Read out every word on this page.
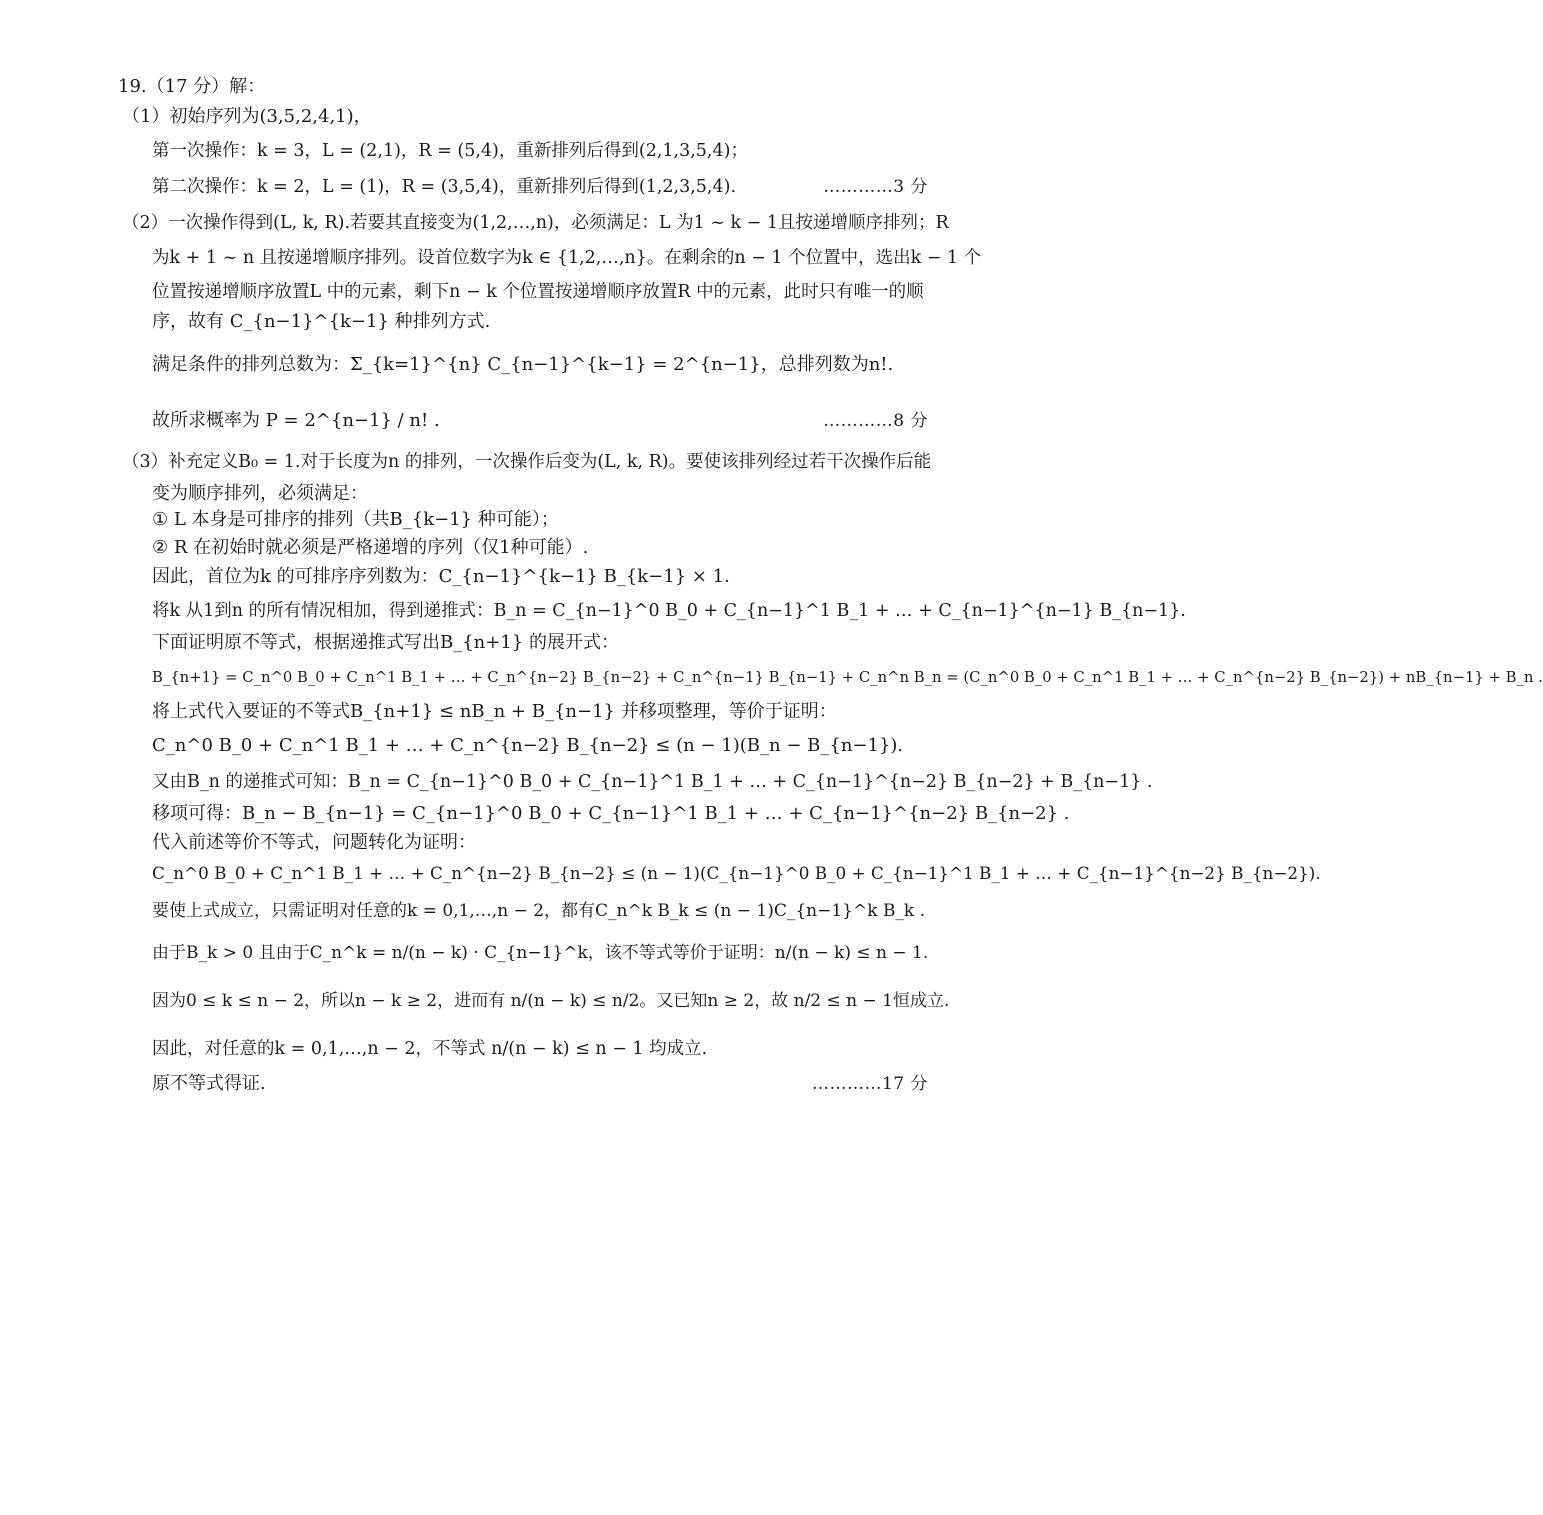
19.（17 分）解：
（1）初始序列为(3,5,2,4,1)，
第一次操作：k = 3，L = (2,1)，R = (5,4)，重新排列后得到(2,1,3,5,4)；
第二次操作：k = 2，L = (1)，R = (3,5,4)，重新排列后得到(1,2,3,5,4).	…………3 分
（2）一次操作得到(L, k, R).若要其直接变为(1,2,…,n)，必须满足：L 为1 ~ k − 1且按递增顺序排列；R
为k + 1 ~ n 且按递增顺序排列。设首位数字为k ∈ {1,2,…,n}。在剩余的n − 1 个位置中，选出k − 1 个
位置按递增顺序放置L 中的元素，剩下n − k 个位置按递增顺序放置R 中的元素，此时只有唯一的顺
序，故有 C_{n−1}^{k−1} 种排列方式.
满足条件的排列总数为：Σ_{k=1}^{n} C_{n−1}^{k−1} = 2^{n−1}，总排列数为n!.
故所求概率为 P = 2^{n−1} / n! .	…………8 分
（3）补充定义B₀ = 1.对于长度为n 的排列，一次操作后变为(L, k, R)。要使该排列经过若干次操作后能
变为顺序排列，必须满足：
① L 本身是可排序的排列（共B_{k−1} 种可能）；
② R 在初始时就必须是严格递增的序列（仅1种可能）.
因此，首位为k 的可排序序列数为：C_{n−1}^{k−1} B_{k−1} × 1.
将k 从1到n 的所有情况相加，得到递推式：B_n = C_{n−1}^0 B_0 + C_{n−1}^1 B_1 + … + C_{n−1}^{n−1} B_{n−1}.
下面证明原不等式，根据递推式写出B_{n+1} 的展开式：
B_{n+1} = C_n^0 B_0 + C_n^1 B_1 + … + C_n^{n−2} B_{n−2} + C_n^{n−1} B_{n−1} + C_n^n B_n = (C_n^0 B_0 + C_n^1 B_1 + … + C_n^{n−2} B_{n−2}) + nB_{n−1} + B_n .
将上式代入要证的不等式B_{n+1} ≤ nB_n + B_{n−1} 并移项整理，等价于证明：
C_n^0 B_0 + C_n^1 B_1 + … + C_n^{n−2} B_{n−2} ≤ (n − 1)(B_n − B_{n−1}).
又由B_n 的递推式可知：B_n = C_{n−1}^0 B_0 + C_{n−1}^1 B_1 + … + C_{n−1}^{n−2} B_{n−2} + B_{n−1} .
移项可得：B_n − B_{n−1} = C_{n−1}^0 B_0 + C_{n−1}^1 B_1 + … + C_{n−1}^{n−2} B_{n−2} .
代入前述等价不等式，问题转化为证明：
C_n^0 B_0 + C_n^1 B_1 + … + C_n^{n−2} B_{n−2} ≤ (n − 1)(C_{n−1}^0 B_0 + C_{n−1}^1 B_1 + … + C_{n−1}^{n−2} B_{n−2}).
要使上式成立，只需证明对任意的k = 0,1,…,n − 2，都有C_n^k B_k ≤ (n − 1)C_{n−1}^k B_k .
由于B_k > 0 且由于C_n^k = n/(n − k) · C_{n−1}^k，该不等式等价于证明：n/(n − k) ≤ n − 1.
因为0 ≤ k ≤ n − 2，所以n − k ≥ 2，进而有 n/(n − k) ≤ n/2。又已知n ≥ 2，故 n/2 ≤ n − 1恒成立.
因此，对任意的k = 0,1,…,n − 2，不等式 n/(n − k) ≤ n − 1 均成立.
原不等式得证.	…………17 分
